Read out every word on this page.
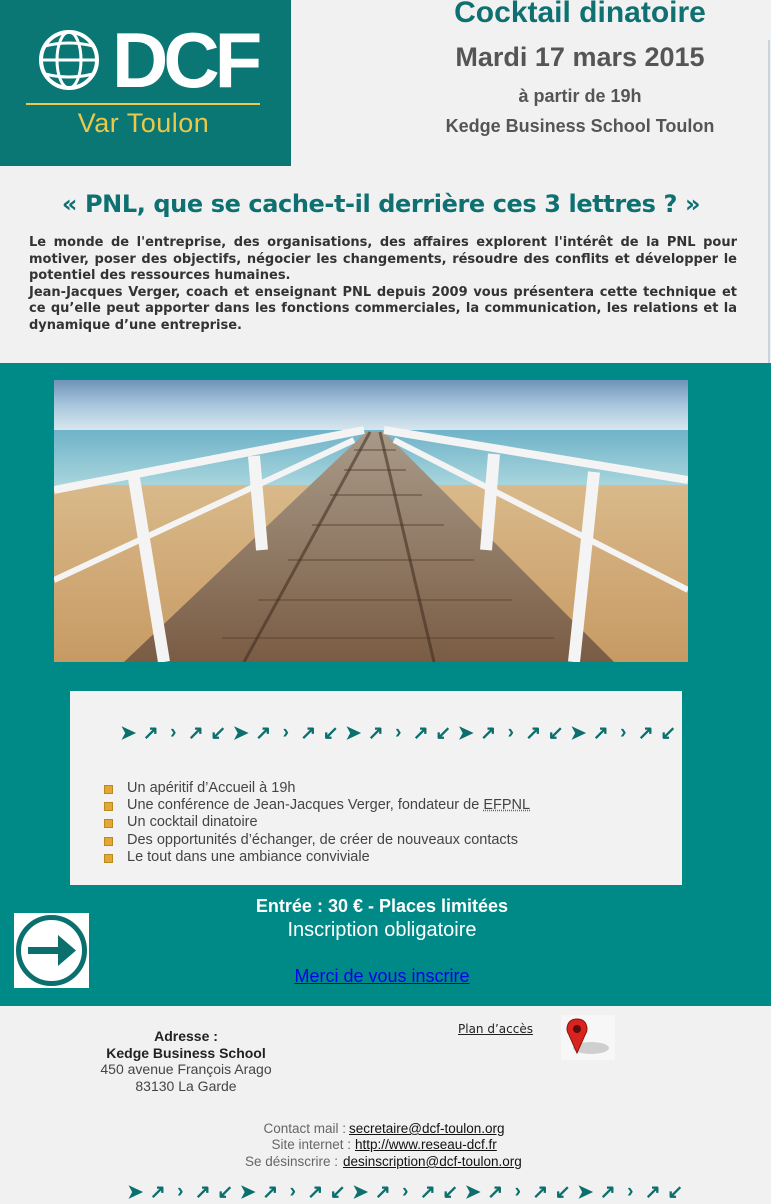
DCF
Var Toulon
Cocktail dinatoire
Mardi 17 mars 2015
à partir de 19h
Kedge Business School Toulon
« PNL, que se cache-t-il derrière ces 3 lettres ? »

Le monde de l'entreprise, des organisations, des affaires explorent l'intérêt de la PNL pour motiver, poser des objectifs, négocier les changements, résoudre des conflits et développer le potentiel des ressources humaines.

Jean-Jacques Verger, coach et enseignant PNL depuis 2009 vous présentera cette technique et ce qu’elle peut apporter dans les fonctions commerciales, la communication, les relations et la dynamique d’une entreprise.

➤ ↗ › ↗ ↙ ➤ ↗ › ↗ ↙ ➤ ↗ › ↗ ↙ ➤ ↗ › ↗ ↙ ➤ ↗ › ↗ ↙
Un apéritif d’Accueil à 19h
Une conférence de Jean-Jacques Verger, fondateur de EFPNL
Un cocktail dinatoire
Des opportunités d’échanger, de créer de nouveaux contacts
Le tout dans une ambiance conviviale
Entrée : 30 € - Places limitées
Inscription obligatoire
Merci de vous inscrire
Adresse :
Kedge Business School
450 avenue François Arago
83130 La Garde
Plan d’accès
Contact mail : secretaire@dcf-toulon.org
Site internet : http://www.reseau-dcf.fr
Se désinscrire : desinscription@dcf-toulon.org
➤ ↗ › ↗ ↙ ➤ ↗ › ↗ ↙ ➤ ↗ › ↗ ↙ ➤ ↗ › ↗ ↙ ➤ ↗ › ↗ ↙
